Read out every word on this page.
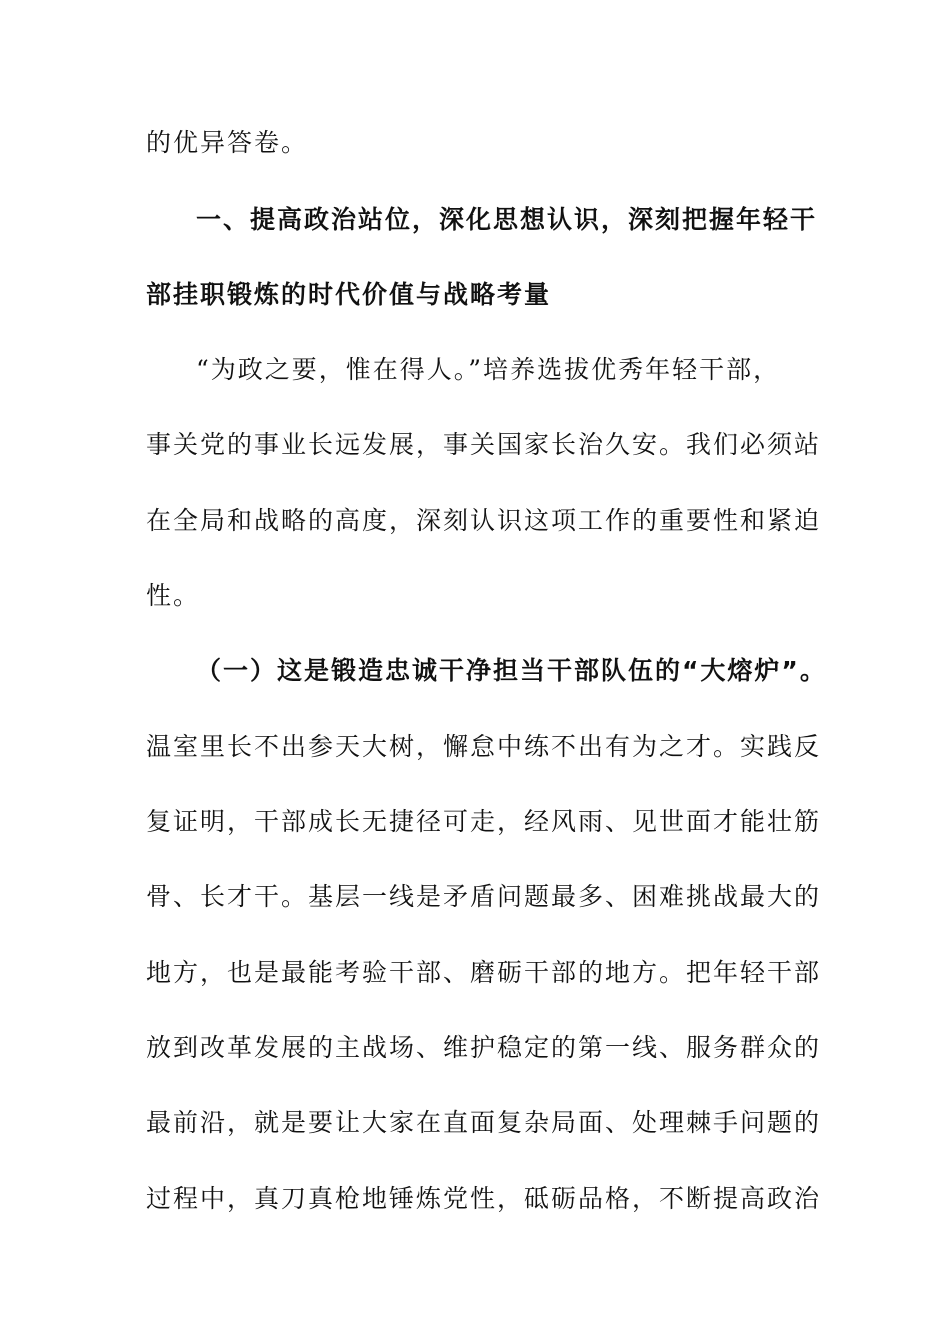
的优异答卷。
一、提高政治站位，深化思想认识，深刻把握年轻干
部挂职锻炼的时代价值与战略考量
“为政之要，惟在得人。”培养选拔优秀年轻干部，
事关党的事业长远发展，事关国家长治久安。我们必须站
在全局和战略的高度，深刻认识这项工作的重要性和紧迫
性。
（一）这是锻造忠诚干净担当干部队伍的“大熔炉”。
温室里长不出参天大树，懈怠中练不出有为之才。实践反
复证明，干部成长无捷径可走，经风雨、见世面才能壮筋
骨、长才干。基层一线是矛盾问题最多、困难挑战最大的
地方，也是最能考验干部、磨砺干部的地方。把年轻干部
放到改革发展的主战场、维护稳定的第一线、服务群众的
最前沿，就是要让大家在直面复杂局面、处理棘手问题的
过程中，真刀真枪地锤炼党性，砥砺品格，不断提高政治
